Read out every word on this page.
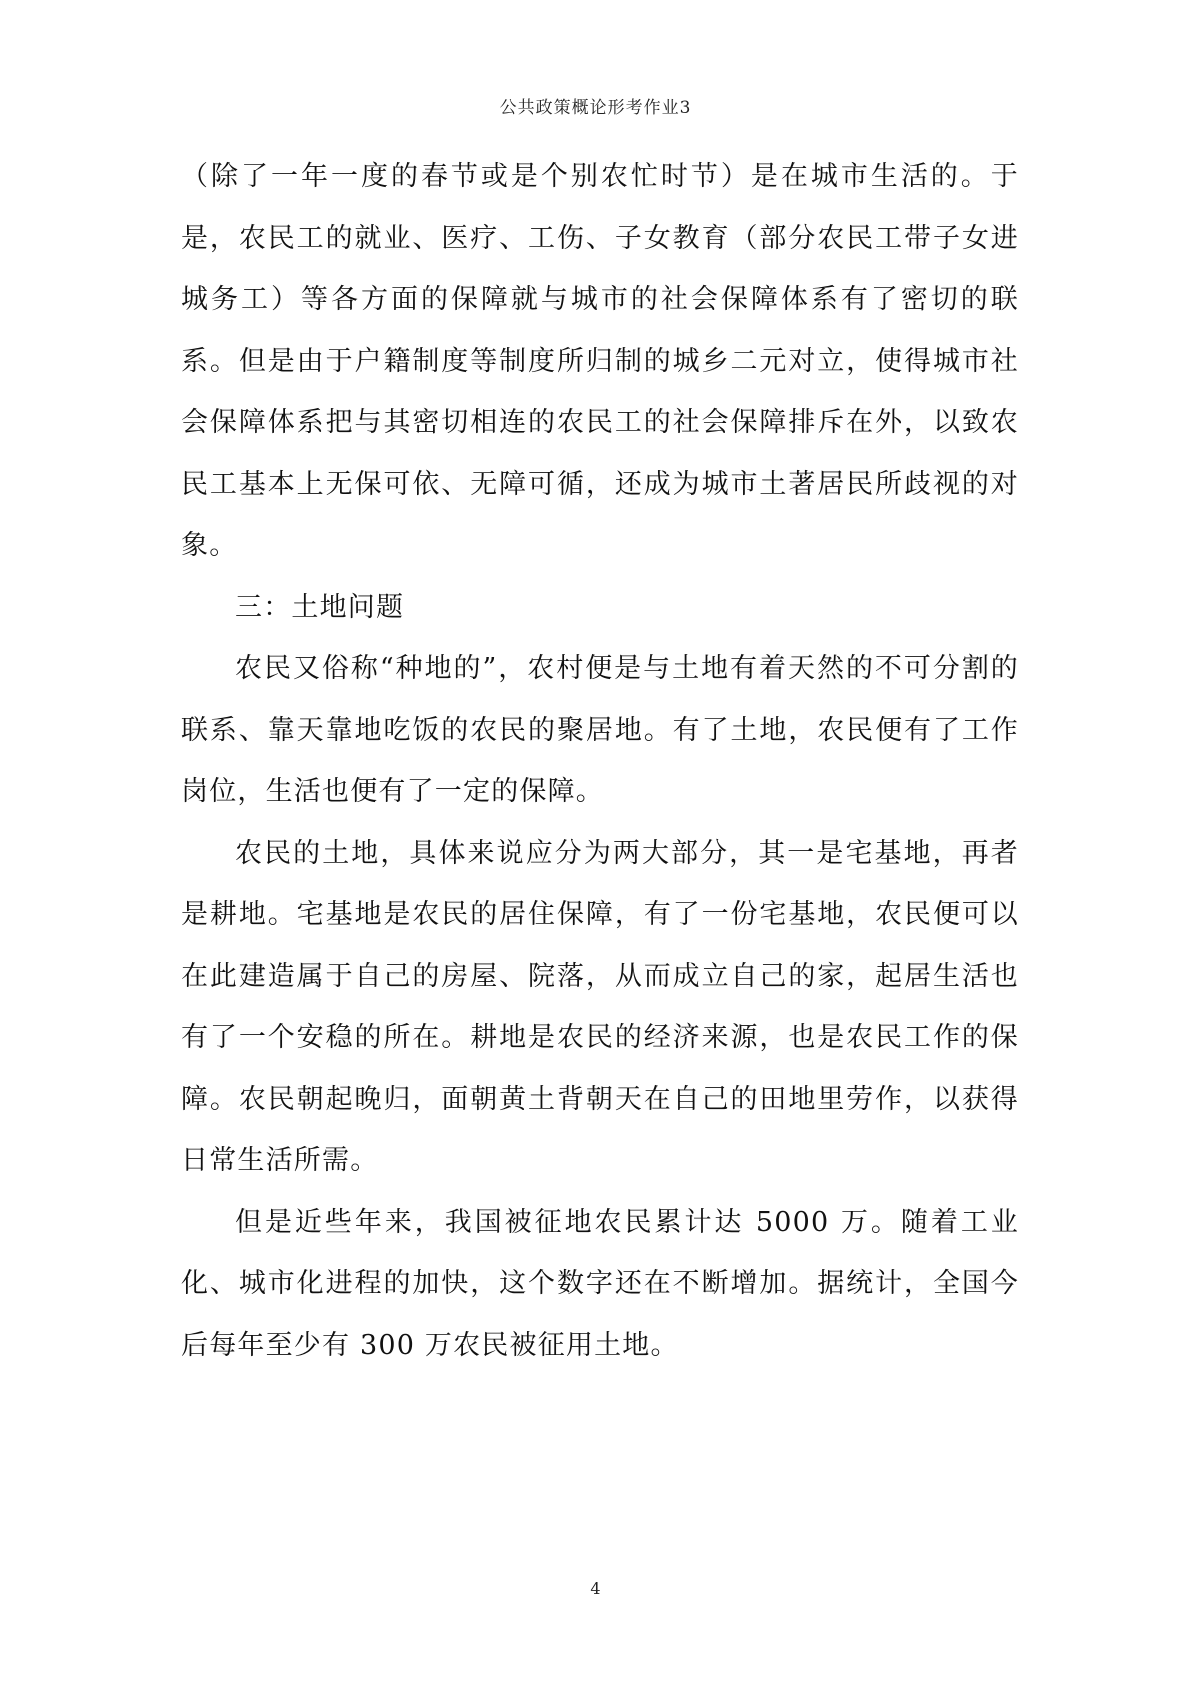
公共政策概论形考作业3

（除了一年一度的春节或是个别农忙时节）是在城市生活的。于是，农民工的就业、医疗、工伤、子女教育（部分农民工带子女进城务工）等各方面的保障就与城市的社会保障体系有了密切的联系。但是由于户籍制度等制度所归制的城乡二元对立，使得城市社会保障体系把与其密切相连的农民工的社会保障排斥在外，以致农民工基本上无保可依、无障可循，还成为城市土著居民所歧视的对象。

三：土地问题

农民又俗称“种地的”，农村便是与土地有着天然的不可分割的联系、靠天靠地吃饭的农民的聚居地。有了土地，农民便有了工作岗位，生活也便有了一定的保障。

农民的土地，具体来说应分为两大部分，其一是宅基地，再者是耕地。宅基地是农民的居住保障，有了一份宅基地，农民便可以在此建造属于自己的房屋、院落，从而成立自己的家，起居生活也有了一个安稳的所在。耕地是农民的经济来源，也是农民工作的保障。农民朝起晚归，面朝黄土背朝天在自己的田地里劳作，以获得日常生活所需。

但是近些年来，我国被征地农民累计达 5000 万。随着工业化、城市化进程的加快，这个数字还在不断增加。据统计，全国今后每年至少有 300 万农民被征用土地。

4
